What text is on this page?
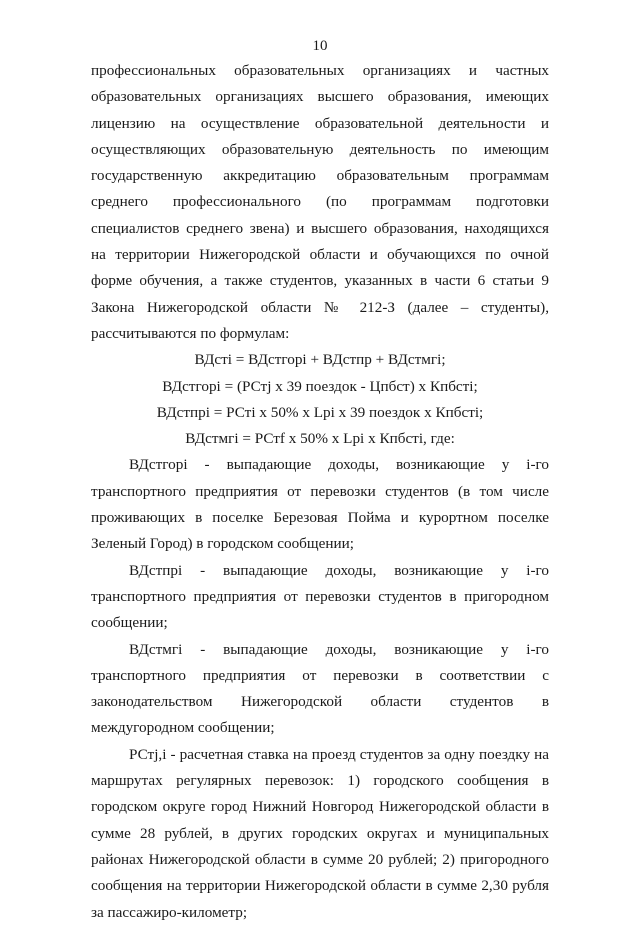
10

профессиональных образовательных организациях и частных образовательных организациях высшего образования, имеющих лицензию на осуществление образовательной деятельности и осуществляющих образовательную деятельность по имеющим государственную аккредитацию образовательным программам среднего профессионального (по программам подготовки специалистов среднего звена) и высшего образования, находящихся на территории Нижегородской области и обучающихся по очной форме обучения, а также студентов, указанных в части 6 статьи 9 Закона Нижегородской области № 212-З (далее – студенты), рассчитываются по формулам:

ВДстi = ВДстгорi + ВДстпр + ВДстмгi;

ВДстгорi = (РСтj x 39 поездок - Цпбст) x Кпбстi;

ВДстпрi = РСтi x 50% x Lрi x 39 поездок x Кпбстi;

ВДстмгi = РСтf x 50% x Lрi x Кпбстi, где:

ВДстгорi - выпадающие доходы, возникающие у i-го транспортного предприятия от перевозки студентов (в том числе проживающих в поселке Березовая Пойма и курортном поселке Зеленый Город) в городском сообщении;

ВДстпрi - выпадающие доходы, возникающие у i-го транспортного предприятия от перевозки студентов в пригородном сообщении;

ВДстмгi - выпадающие доходы, возникающие у i-го транспортного предприятия от перевозки в соответствии с законодательством Нижегородской области студентов в междугородном сообщении;

РСтj,i - расчетная ставка на проезд студентов за одну поездку на маршрутах регулярных перевозок: 1) городского сообщения в городском округе город Нижний Новгород Нижегородской области в сумме 28 рублей, в других городских округах и муниципальных районах Нижегородской области в сумме 20 рублей; 2) пригородного сообщения на территории Нижегородской области в сумме 2,30 рубля за пассажиро-километр;
